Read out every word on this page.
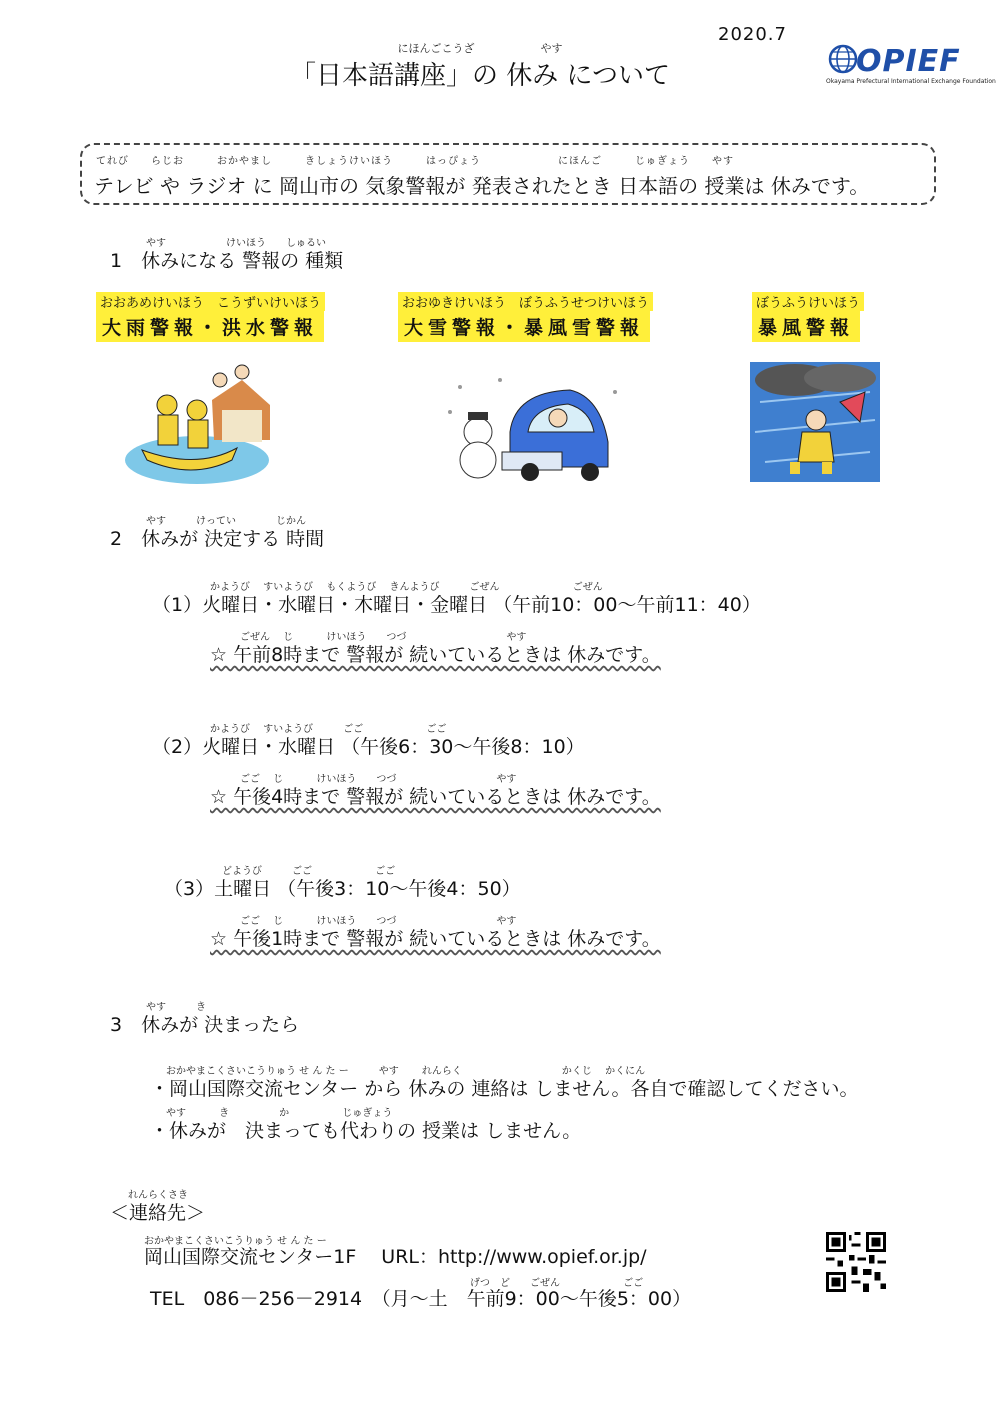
2020.7
OPIEF
Okayama Prefectural International Exchange Foundation
にほんごこうざ　　　　　　やす
「日本語講座」の 休み について
てれび　　らじお　　　おかやまし　　　きしょうけいほう　　　はっぴょう　　　　　　　にほんご　　　じゅぎょう　　やす
テレビ や ラジオ に 岡山市の 気象警報が 発表されたとき 日本語の 授業は 休みです。
やす　　　　　　けいほう　　しゅるい
1　休みになる 警報の 種類
おおあめけいほう　こうずいけいほう
大雨警報・洪水警報
おおゆきけいほう　ぼうふうせつけいほう
大雪警報・暴風雪警報
ぼうふうけいほう
暴風警報
やす　　　けってい　　　　じかん
2　休みが 決定する 時間
かようび　 すいようび　 もくようび　 きんようび　　　ごぜん　　　　　　　 ごぜん
（1）火曜日・水曜日・木曜日・金曜日 （午前10：00～午前11：40）
ごぜん　 じ　　　 けいほう　　つづ　　　　　　　　　　やす
☆ 午前8時まで 警報が 続いているときは 休みです。
かようび　 すいようび　　　ごご　　　　　　 ごご
（2）火曜日・水曜日 （午後6：30～午後8：10）
ごご　 じ　　　 けいほう　　つづ　　　　　　　　　　やす
☆ 午後4時まで 警報が 続いているときは 休みです。
どようび　　　ごご　　　　　　 ごご
（3）土曜日 （午後3：10～午後4：50）
ごご　 じ　　　 けいほう　　つづ　　　　　　　　　　やす
☆ 午後1時まで 警報が 続いているときは 休みです。
やす　　　き
3　休みが 決まったら
おかやまこくさいこうりゅう せ ん た ー　　　やす　　 れんらく　　　　　　　　　　かくじ　 かくにん
・岡山国際交流センター から 休みの 連絡は しません。各自で確認してください。
やす　　　 き　　　　　か　　　　　 じゅぎょう
・休みが　決まっても代わりの 授業は しません。
れんらくさき
＜連絡先＞
おかやまこくさいこうりゅう せ ん た ー
岡山国際交流センター1F　 URL：http://www.opief.or.jp/
げつ　ど　　ごぜん　　　　　　 ごご
TEL　086－256－2914　（月～土　午前9：00～午後5：00）
